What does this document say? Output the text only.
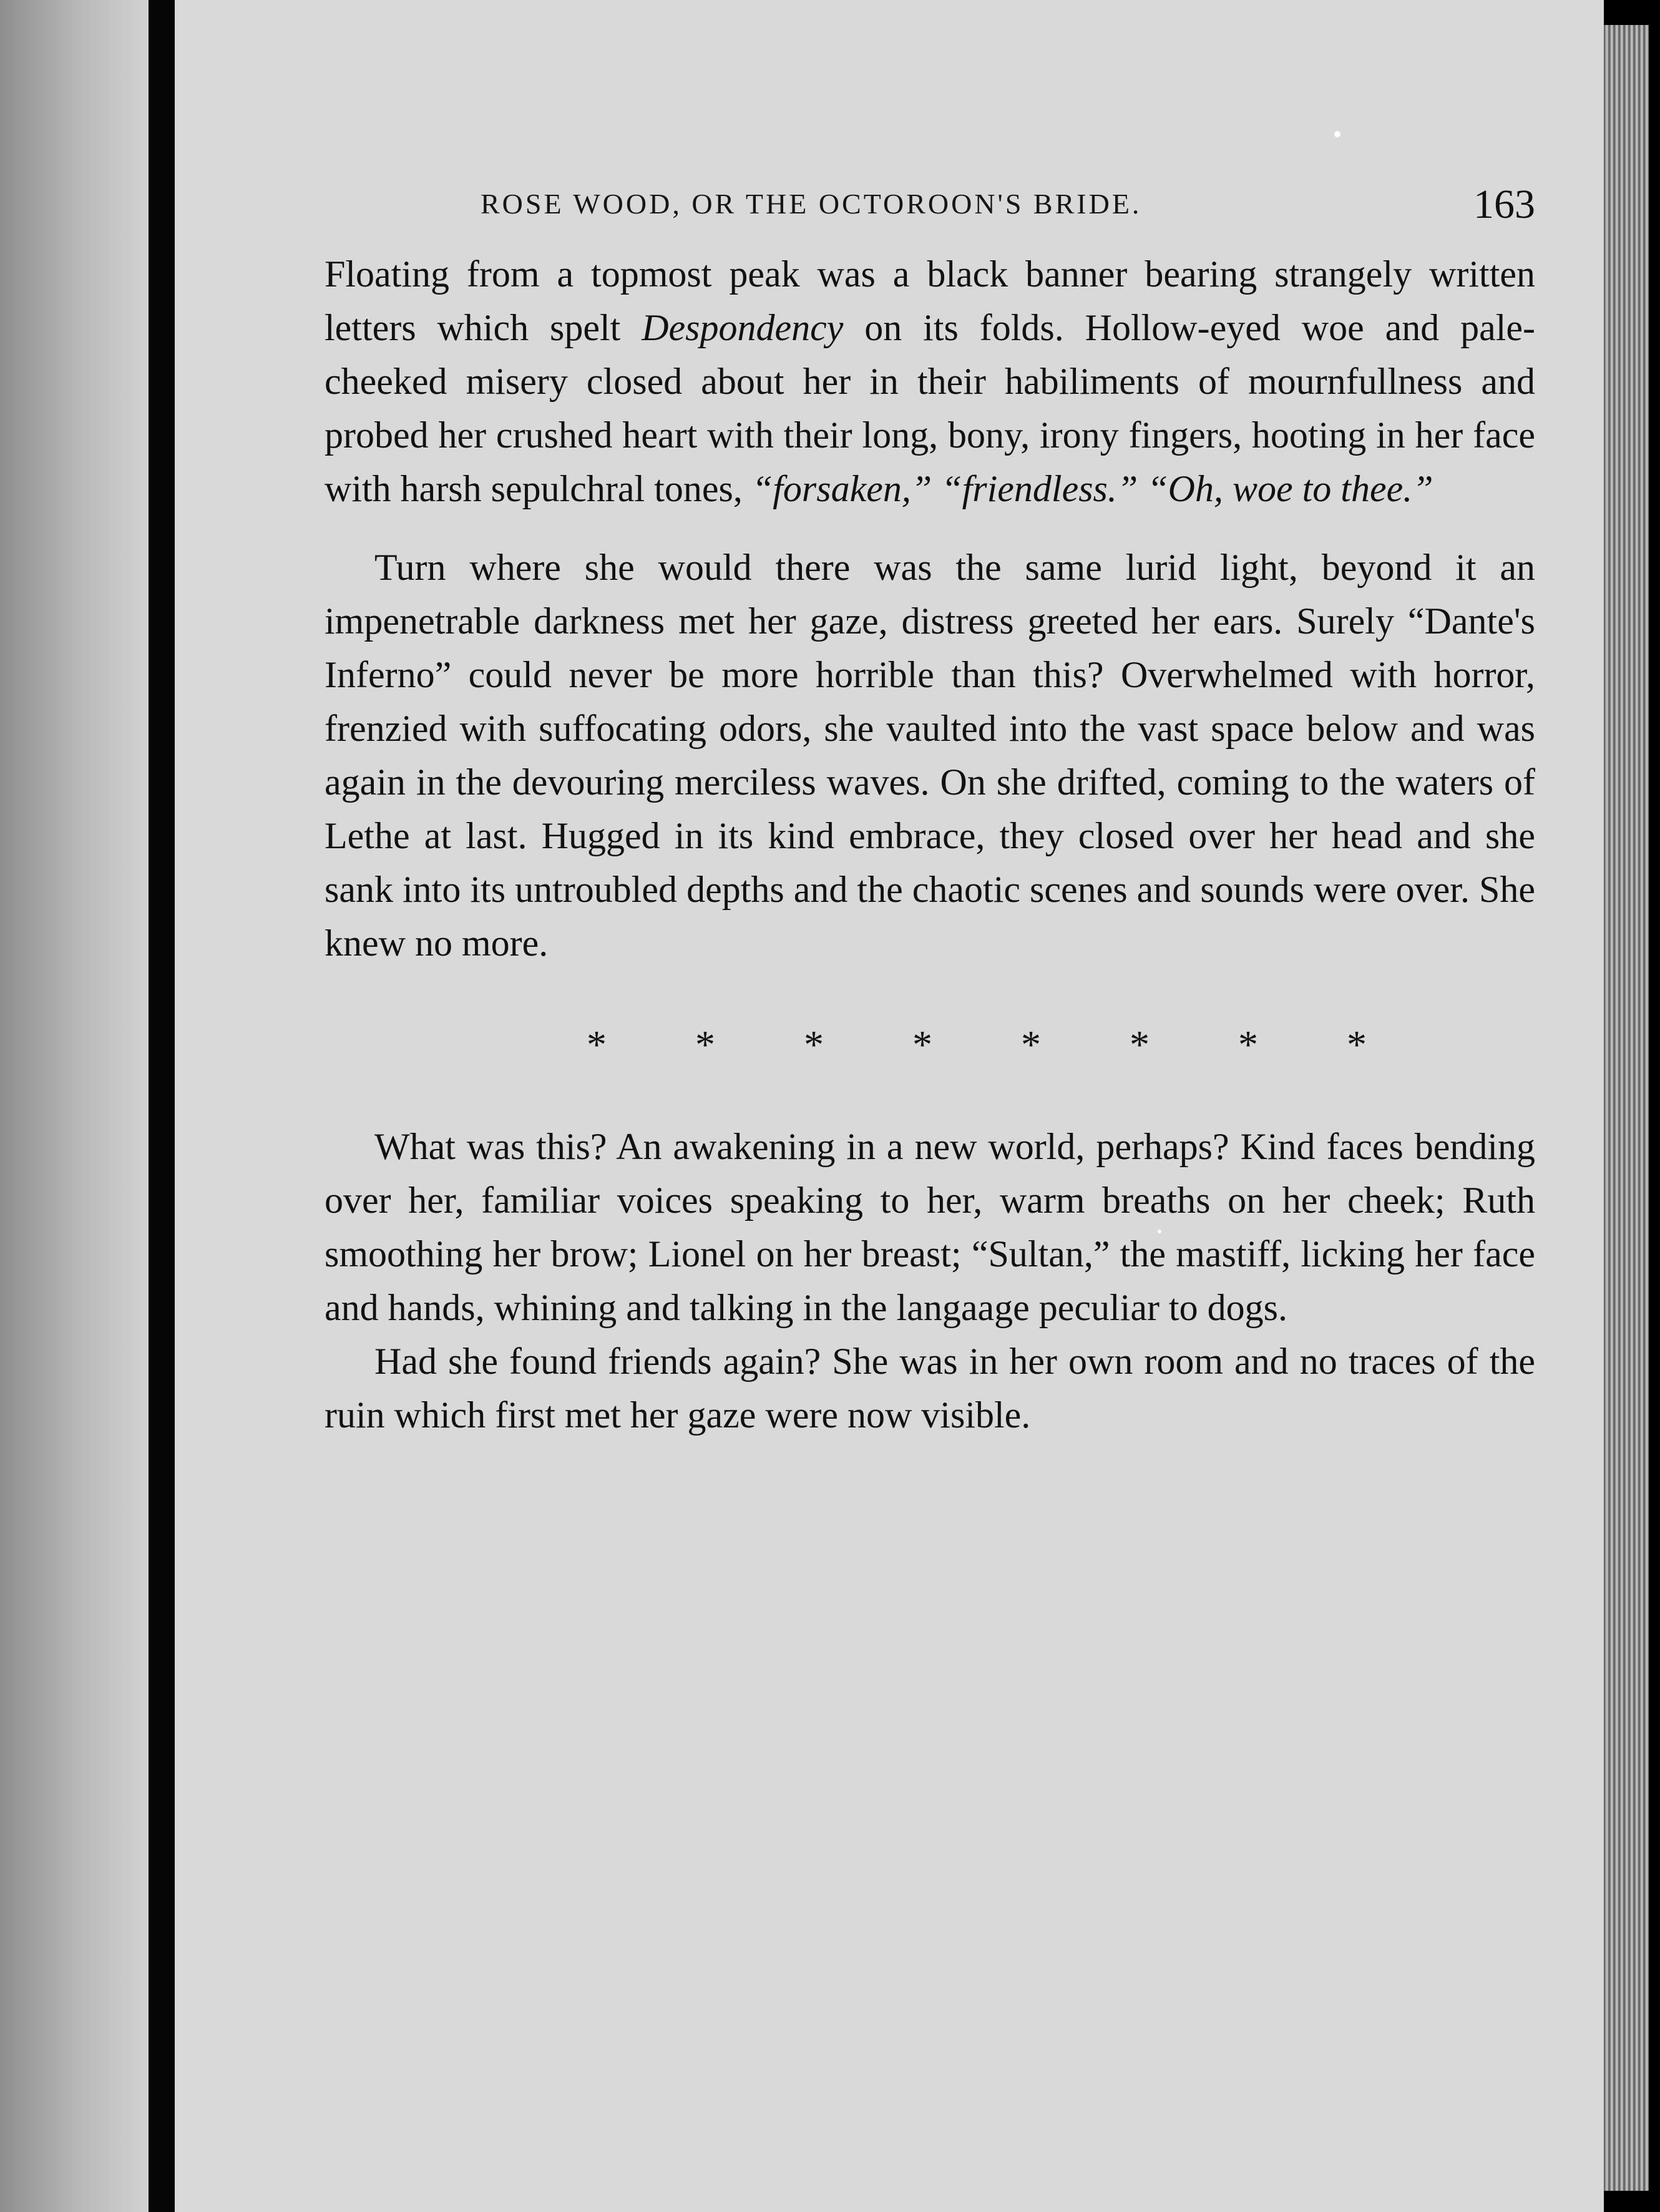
ROSE WOOD, OR THE OCTOROON'S BRIDE.	163

Floating from a topmost peak was a black banner bearing strangely written letters which spelt Despondency on its folds. Hollow-eyed woe and pale-cheeked misery closed about her in their habiliments of mournfullness and probed her crushed heart with their long, bony, irony fingers, hooting in her face with harsh sepulchral tones, “forsaken,” “friendless.” “Oh, woe to thee.”

Turn where she would there was the same lurid light, beyond it an impenetrable darkness met her gaze, distress greeted her ears. Surely “Dante's Inferno” could never be more horrible than this? Overwhelmed with horror, frenzied with suffocating odors, she vaulted into the vast space below and was again in the devouring merciless waves. On she drifted, coming to the waters of Lethe at last. Hugged in its kind embrace, they closed over her head and she sank into its untroubled depths and the chaotic scenes and sounds were over. She knew no more.

* * * * * * * *

What was this? An awakening in a new world, perhaps? Kind faces bending over her, familiar voices speaking to her, warm breaths on her cheek; Ruth smoothing her brow; Lionel on her breast; “Sultan,” the mastiff, licking her face and hands, whining and talking in the langaage peculiar to dogs.

Had she found friends again? She was in her own room and no traces of the ruin which first met her gaze were now visible.
